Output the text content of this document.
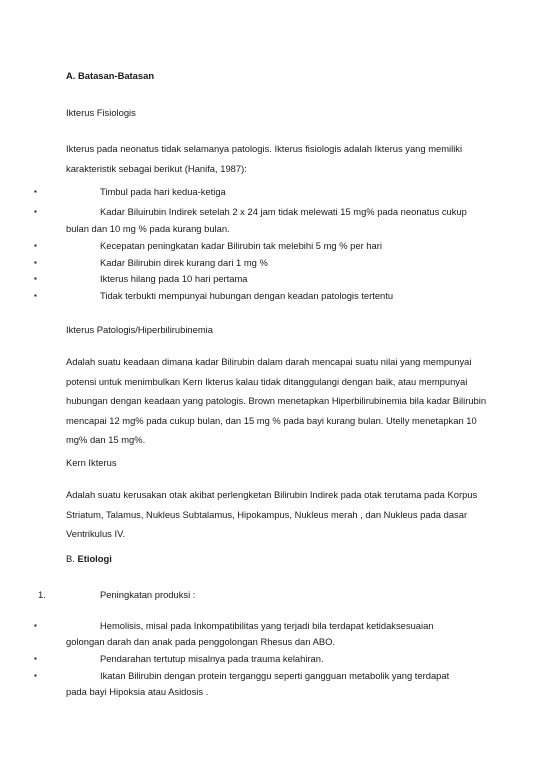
A. Batasan-Batasan
Ikterus Fisiologis
Ikterus pada neonatus tidak selamanya patologis. Ikterus fisiologis adalah Ikterus yang memiliki karakteristik sebagai berikut (Hanifa, 1987):
▪	Timbul pada hari kedua-ketiga
▪	Kadar Biluirubin Indirek setelah 2 x 24 jam tidak melewati 15 mg% pada neonatus cukup
bulan dan 10 mg % pada kurang bulan.
▪	Kecepatan peningkatan kadar Bilirubin tak melebihi 5 mg % per hari
▪	Kadar Bilirubin direk kurang dari 1 mg %
▪	Ikterus hilang pada 10 hari pertama
▪	Tidak terbukti mempunyai hubungan dengan keadan patologis tertentu
Ikterus Patologis/Hiperbilirubinemia
Adalah suatu keadaan dimana kadar Bilirubin dalam darah mencapai suatu nilai yang mempunyai potensi untuk menimbulkan Kern Ikterus kalau tidak ditanggulangi dengan baik, atau mempunyai hubungan dengan keadaan yang patologis. Brown menetapkan Hiperbilirubinemia bila kadar Bilirubin mencapai 12 mg% pada cukup bulan, dan 15 mg % pada bayi kurang bulan. Utelly menetapkan 10 mg% dan 15 mg%.
Kern Ikterus
Adalah suatu kerusakan otak akibat perlengketan Bilirubin Indirek pada otak terutama pada Korpus Striatum, Talamus, Nukleus Subtalamus, Hipokampus, Nukleus merah , dan Nukleus pada dasar Ventrikulus IV.
B. Etiologi
1.	Peningkatan produksi :
▪	Hemolisis, misal pada Inkompatibilitas yang terjadi bila terdapat ketidaksesuaian
golongan darah dan anak pada penggolongan Rhesus dan ABO.
▪	Pendarahan tertutup misalnya pada trauma kelahiran.
▪	Ikatan Bilirubin dengan protein terganggu seperti gangguan metabolik yang terdapat
pada bayi Hipoksia atau Asidosis .
